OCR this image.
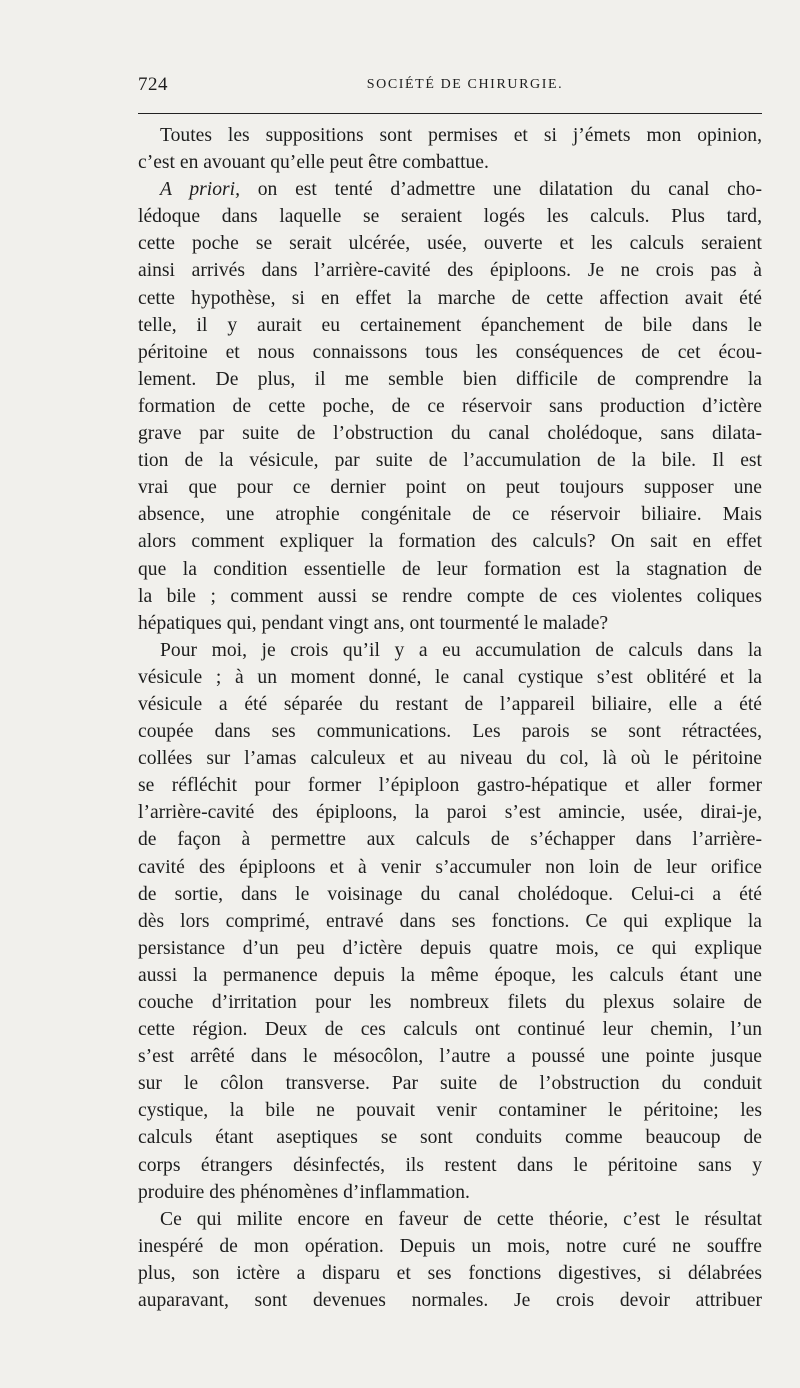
724	SOCIÉTÉ DE CHIRURGIE.

Toutes les suppositions sont permises et si j’émets mon opinion,
c’est en avouant qu’elle peut être combattue.

A priori, on est tenté d’admettre une dilatation du canal cho-
lédoque dans laquelle se seraient logés les calculs. Plus tard,
cette poche se serait ulcérée, usée, ouverte et les calculs seraient
ainsi arrivés dans l’arrière-cavité des épiploons. Je ne crois pas à
cette hypothèse, si en effet la marche de cette affection avait été
telle, il y aurait eu certainement épanchement de bile dans le
péritoine et nous connaissons tous les conséquences de cet écou-
lement. De plus, il me semble bien difficile de comprendre la
formation de cette poche, de ce réservoir sans production d’ictère
grave par suite de l’obstruction du canal cholédoque, sans dilata-
tion de la vésicule, par suite de l’accumulation de la bile. Il est
vrai que pour ce dernier point on peut toujours supposer une
absence, une atrophie congénitale de ce réservoir biliaire. Mais
alors comment expliquer la formation des calculs? On sait en effet
que la condition essentielle de leur formation est la stagnation de
la bile ; comment aussi se rendre compte de ces violentes coliques
hépatiques qui, pendant vingt ans, ont tourmenté le malade?

Pour moi, je crois qu’il y a eu accumulation de calculs dans la
vésicule ; à un moment donné, le canal cystique s’est oblitéré et la
vésicule a été séparée du restant de l’appareil biliaire, elle a été
coupée dans ses communications. Les parois se sont rétractées,
collées sur l’amas calculeux et au niveau du col, là où le péritoine
se réfléchit pour former l’épiploon gastro-hépatique et aller former
l’arrière-cavité des épiploons, la paroi s’est amincie, usée, dirai-je,
de façon à permettre aux calculs de s’échapper dans l’arrière-
cavité des épiploons et à venir s’accumuler non loin de leur orifice
de sortie, dans le voisinage du canal cholédoque. Celui-ci a été
dès lors comprimé, entravé dans ses fonctions. Ce qui explique la
persistance d’un peu d’ictère depuis quatre mois, ce qui explique
aussi la permanence depuis la même époque, les calculs étant une
couche d’irritation pour les nombreux filets du plexus solaire de
cette région. Deux de ces calculs ont continué leur chemin, l’un
s’est arrêté dans le mésocôlon, l’autre a poussé une pointe jusque
sur le côlon transverse. Par suite de l’obstruction du conduit
cystique, la bile ne pouvait venir contaminer le péritoine; les
calculs étant aseptiques se sont conduits comme beaucoup de
corps étrangers désinfectés, ils restent dans le péritoine sans y
produire des phénomènes d’inflammation.

Ce qui milite encore en faveur de cette théorie, c’est le résultat
inespéré de mon opération. Depuis un mois, notre curé ne souffre
plus, son ictère a disparu et ses fonctions digestives, si délabrées
auparavant, sont devenues normales. Je crois devoir attribuer
